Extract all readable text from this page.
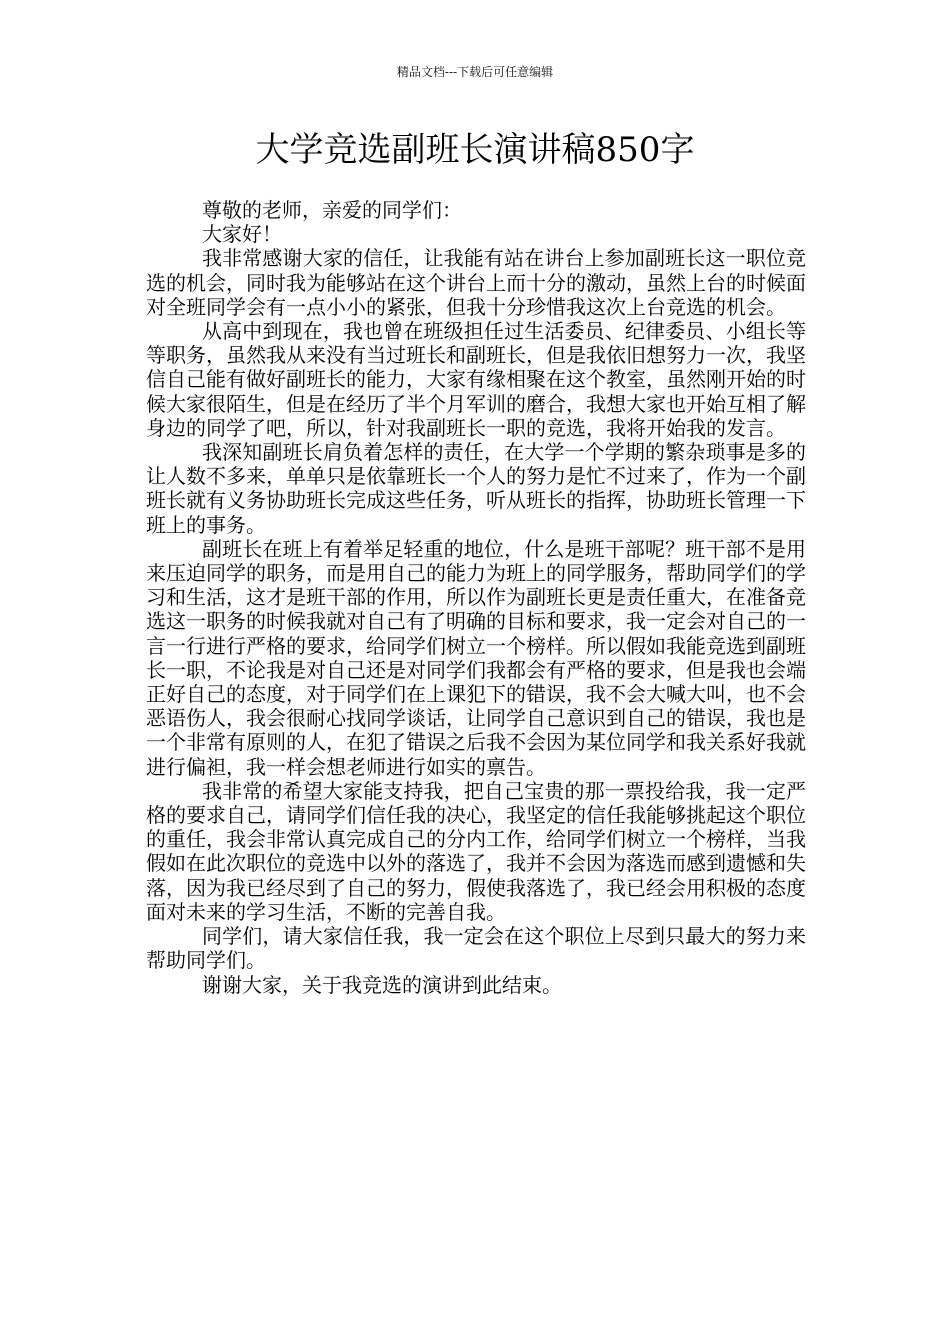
精品文档---下载后可任意编辑
大学竞选副班长演讲稿850字

尊敬的老师，亲爱的同学们：

大家好！

我非常感谢大家的信任，让我能有站在讲台上参加副班长这一职位竞选的机会，同时我为能够站在这个讲台上而十分的激动，虽然上台的时候面对全班同学会有一点小小的紧张，但我十分珍惜我这次上台竞选的机会。

从高中到现在，我也曾在班级担任过生活委员、纪律委员、小组长等等职务，虽然我从来没有当过班长和副班长，但是我依旧想努力一次，我坚信自己能有做好副班长的能力，大家有缘相聚在这个教室，虽然刚开始的时候大家很陌生，但是在经历了半个月军训的磨合，我想大家也开始互相了解身边的同学了吧，所以，针对我副班长一职的竞选，我将开始我的发言。

我深知副班长肩负着怎样的责任，在大学一个学期的繁杂琐事是多的让人数不多来，单单只是依靠班长一个人的努力是忙不过来了，作为一个副班长就有义务协助班长完成这些任务，听从班长的指挥，协助班长管理一下班上的事务。

副班长在班上有着举足轻重的地位，什么是班干部呢？班干部不是用来压迫同学的职务，而是用自己的能力为班上的同学服务，帮助同学们的学习和生活，这才是班干部的作用，所以作为副班长更是责任重大，在准备竞选这一职务的时候我就对自己有了明确的目标和要求，我一定会对自己的一言一行进行严格的要求，给同学们树立一个榜样。所以假如我能竞选到副班长一职，不论我是对自己还是对同学们我都会有严格的要求，但是我也会端正好自己的态度，对于同学们在上课犯下的错误，我不会大喊大叫，也不会恶语伤人，我会很耐心找同学谈话，让同学自己意识到自己的错误，我也是一个非常有原则的人，在犯了错误之后我不会因为某位同学和我关系好我就进行偏袒，我一样会想老师进行如实的禀告。

我非常的希望大家能支持我，把自己宝贵的那一票投给我，我一定严格的要求自己，请同学们信任我的决心，我坚定的信任我能够挑起这个职位的重任，我会非常认真完成自己的分内工作，给同学们树立一个榜样，当我假如在此次职位的竞选中以外的落选了，我并不会因为落选而感到遗憾和失落，因为我已经尽到了自己的努力，假使我落选了，我已经会用积极的态度面对未来的学习生活，不断的完善自我。

同学们，请大家信任我，我一定会在这个职位上尽到只最大的努力来帮助同学们。

谢谢大家，关于我竞选的演讲到此结束。
